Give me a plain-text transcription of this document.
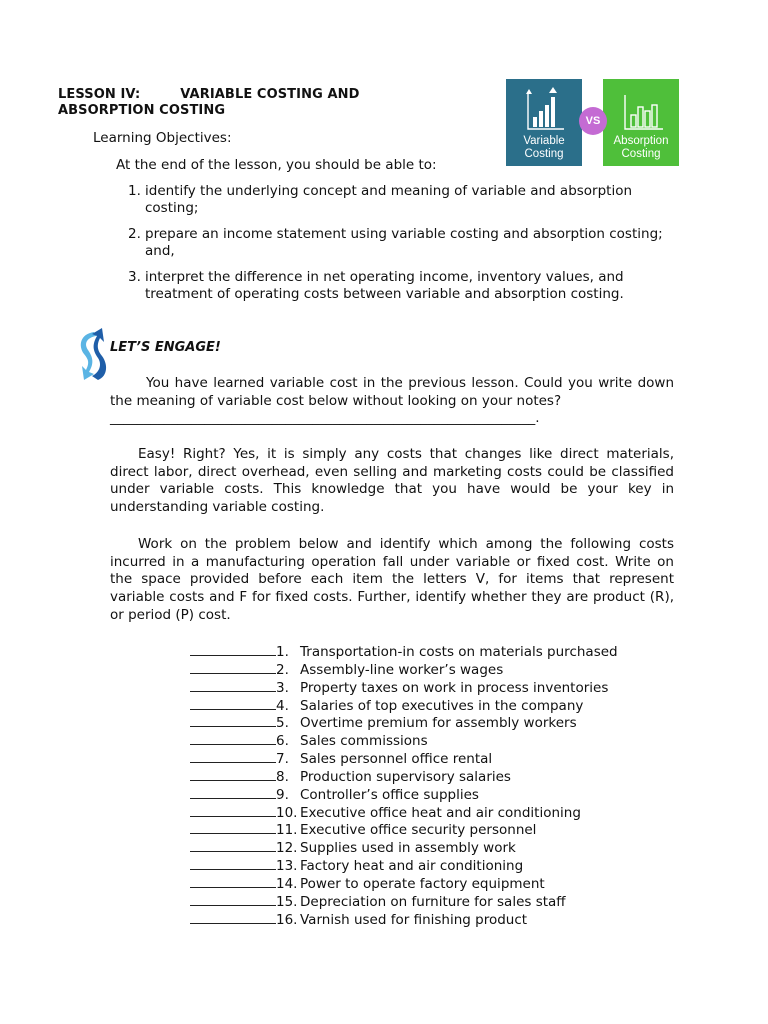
LESSON IV:	VARIABLE COSTING AND
ABSORPTION COSTING
Learning Objectives:
At the end of the lesson, you should be able to:
1. identify the underlying concept and meaning of variable and absorption costing;
2. prepare an income statement using variable costing and absorption costing; and,
3. interpret the difference in net operating income, inventory values, and treatment of operating costs between variable and absorption costing.
Variable Costing
Absorption Costing
VS
LET’S ENGAGE!
You have learned variable cost in the previous lesson. Could you write down the meaning of variable cost below without looking on your notes?
_______________________________________________________________.
Easy! Right? Yes, it is simply any costs that changes like direct materials, direct labor, direct overhead, even selling and marketing costs could be classified under variable costs. This knowledge that you have would be your key in understanding variable costing.
Work on the problem below and identify which among the following costs incurred in a manufacturing operation fall under variable or fixed cost. Write on the space provided before each item the letters V, for items that represent variable costs and F for fixed costs. Further, identify whether they are product (R), or period (P) cost.
1. Transportation-in costs on materials purchased
2. Assembly-line worker’s wages
3. Property taxes on work in process inventories
4. Salaries of top executives in the company
5. Overtime premium for assembly workers
6. Sales commissions
7. Sales personnel office rental
8. Production supervisory salaries
9. Controller’s office supplies
10. Executive office heat and air conditioning
11. Executive office security personnel
12. Supplies used in assembly work
13. Factory heat and air conditioning
14. Power to operate factory equipment
15. Depreciation on furniture for sales staff
16. Varnish used for finishing product
